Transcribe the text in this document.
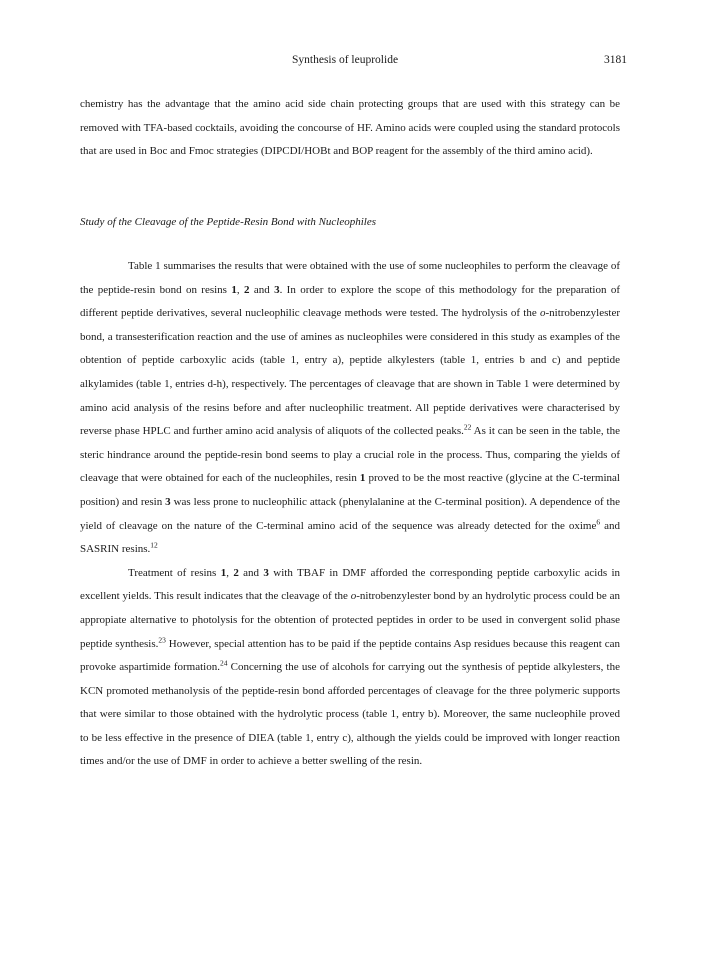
Synthesis of leuprolide	3181

chemistry has the advantage that the amino acid side chain protecting groups that are used with this strategy can be removed with TFA-based cocktails, avoiding the concourse of HF. Amino acids were coupled using the standard protocols that are used in Boc and Fmoc strategies (DIPCDI/HOBt and BOP reagent for the assembly of the third amino acid).

Study of the Cleavage of the Peptide-Resin Bond with Nucleophiles

Table 1 summarises the results that were obtained with the use of some nucleophiles to perform the cleavage of the peptide-resin bond on resins 1, 2 and 3. In order to explore the scope of this methodology for the preparation of different peptide derivatives, several nucleophilic cleavage methods were tested. The hydrolysis of the o-nitrobenzylester bond, a transesterification reaction and the use of amines as nucleophiles were considered in this study as examples of the obtention of peptide carboxylic acids (table 1, entry a), peptide alkylesters (table 1, entries b and c) and peptide alkylamides (table 1, entries d-h), respectively. The percentages of cleavage that are shown in Table 1 were determined by amino acid analysis of the resins before and after nucleophilic treatment. All peptide derivatives were characterised by reverse phase HPLC and further amino acid analysis of aliquots of the collected peaks.$^{22}$ As it can be seen in the table, the steric hindrance around the peptide-resin bond seems to play a crucial role in the process. Thus, comparing the yields of cleavage that were obtained for each of the nucleophiles, resin 1 proved to be the most reactive (glycine at the C-terminal position) and resin 3 was less prone to nucleophilic attack (phenylalanine at the C-terminal position). A dependence of the yield of cleavage on the nature of the C-terminal amino acid of the sequence was already detected for the oxime$^6$ and SASRIN resins.$^{12}$

Treatment of resins 1, 2 and 3 with TBAF in DMF afforded the corresponding peptide carboxylic acids in excellent yields. This result indicates that the cleavage of the o-nitrobenzylester bond by an hydrolytic process could be an appropiate alternative to photolysis for the obtention of protected peptides in order to be used in convergent solid phase peptide synthesis.$^{23}$ However, special attention has to be paid if the peptide contains Asp residues because this reagent can provoke aspartimide formation.$^{24}$ Concerning the use of alcohols for carrying out the synthesis of peptide alkylesters, the KCN promoted methanolysis of the peptide-resin bond afforded percentages of cleavage for the three polymeric supports that were similar to those obtained with the hydrolytic process (table 1, entry b). Moreover, the same nucleophile proved to be less effective in the presence of DIEA (table 1, entry c), although the yields could be improved with longer reaction times and/or the use of DMF in order to achieve a better swelling of the resin.
